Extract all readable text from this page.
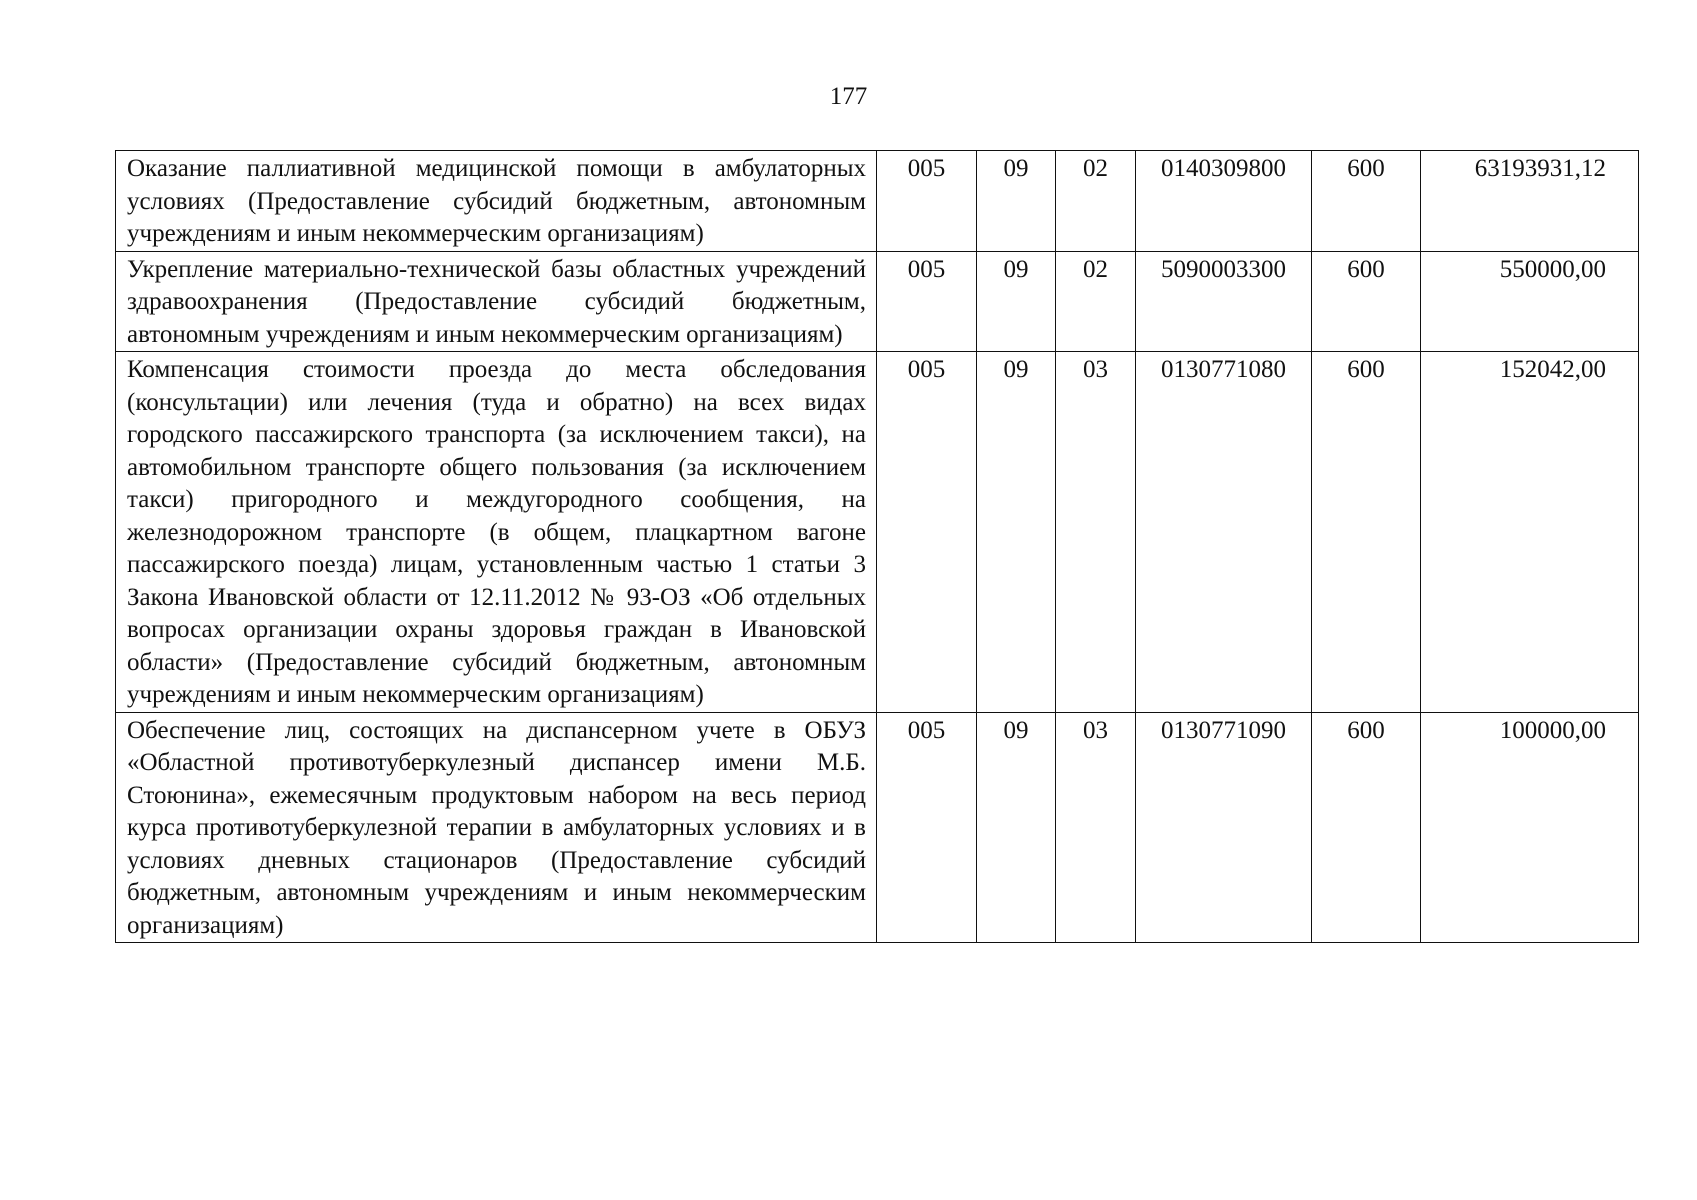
177
Оказание паллиативной медицинской помощи в амбулаторных условиях (Предоставление субсидий бюджетным, автономным учреждениям и иным некоммерческим организациям)	005	09	02	0140309800	600	63193931,12
Укрепление материально-технической базы областных учреждений здравоохранения (Предоставление субсидий бюджетным, автономным учреждениям и иным некоммерческим организациям)	005	09	02	5090003300	600	550000,00
Компенсация стоимости проезда до места обследования (консультации) или лечения (туда и обратно) на всех видах городского пассажирского транспорта (за исключением такси), на автомобильном транспорте общего пользования (за исключением такси) пригородного и междугородного сообщения, на железнодорожном транспорте (в общем, плацкартном вагоне пассажирского поезда) лицам, установленным частью 1 статьи 3 Закона Ивановской области от 12.11.2012 № 93-ОЗ «Об отдельных вопросах организации охраны здоровья граждан в Ивановской области» (Предоставление субсидий бюджетным, автономным учреждениям и иным некоммерческим организациям)	005	09	03	0130771080	600	152042,00
Обеспечение лиц, состоящих на диспансерном учете в ОБУЗ «Областной противотуберкулезный диспансер имени М.Б. Стоюнина», ежемесячным продуктовым набором на весь период курса противотуберкулезной терапии в амбулаторных условиях и в условиях дневных стационаров (Предоставление субсидий бюджетным, автономным учреждениям и иным некоммерческим организациям)	005	09	03	0130771090	600	100000,00
